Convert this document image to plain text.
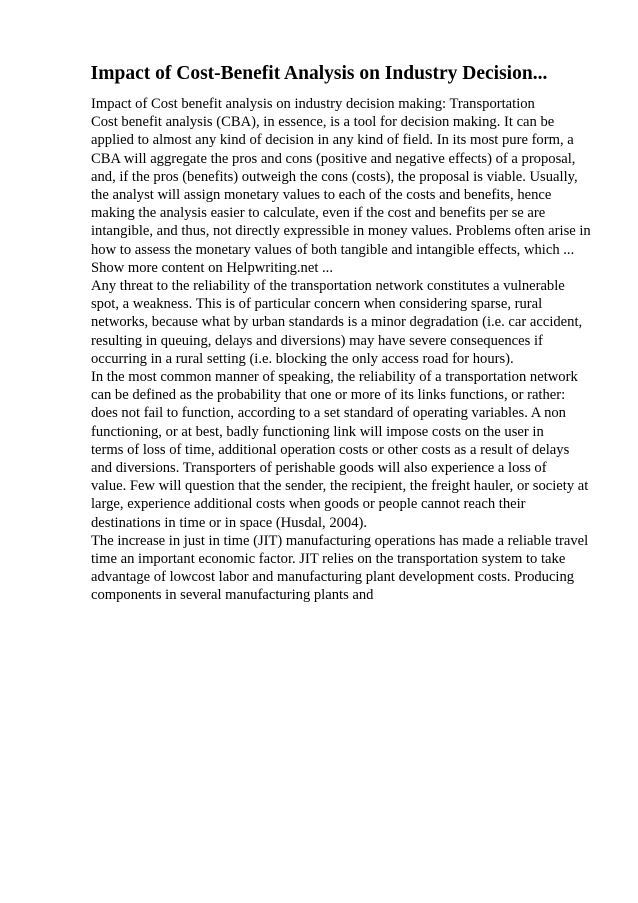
Impact of Cost-Benefit Analysis on Industry Decision...
Impact of Cost benefit analysis on industry decision making: Transportation
Cost benefit analysis (CBA), in essence, is a tool for decision making. It can be
applied to almost any kind of decision in any kind of field. In its most pure form, a
CBA will aggregate the pros and cons (positive and negative effects) of a proposal,
and, if the pros (benefits) outweigh the cons (costs), the proposal is viable. Usually,
the analyst will assign monetary values to each of the costs and benefits, hence
making the analysis easier to calculate, even if the cost and benefits per se are
intangible, and thus, not directly expressible in money values. Problems often arise in
how to assess the monetary values of both tangible and intangible effects, which ...
Show more content on Helpwriting.net ...
Any threat to the reliability of the transportation network constitutes a vulnerable
spot, a weakness. This is of particular concern when considering sparse, rural
networks, because what by urban standards is a minor degradation (i.e. car accident,
resulting in queuing, delays and diversions) may have severe consequences if
occurring in a rural setting (i.e. blocking the only access road for hours).
In the most common manner of speaking, the reliability of a transportation network
can be defined as the probability that one or more of its links functions, or rather:
does not fail to function, according to a set standard of operating variables. A non
functioning, or at best, badly functioning link will impose costs on the user in
terms of loss of time, additional operation costs or other costs as a result of delays
and diversions. Transporters of perishable goods will also experience a loss of
value. Few will question that the sender, the recipient, the freight hauler, or society at
large, experience additional costs when goods or people cannot reach their
destinations in time or in space (Husdal, 2004).
The increase in just in time (JIT) manufacturing operations has made a reliable travel
time an important economic factor. JIT relies on the transportation system to take
advantage of lowcost labor and manufacturing plant development costs. Producing
components in several manufacturing plants and
